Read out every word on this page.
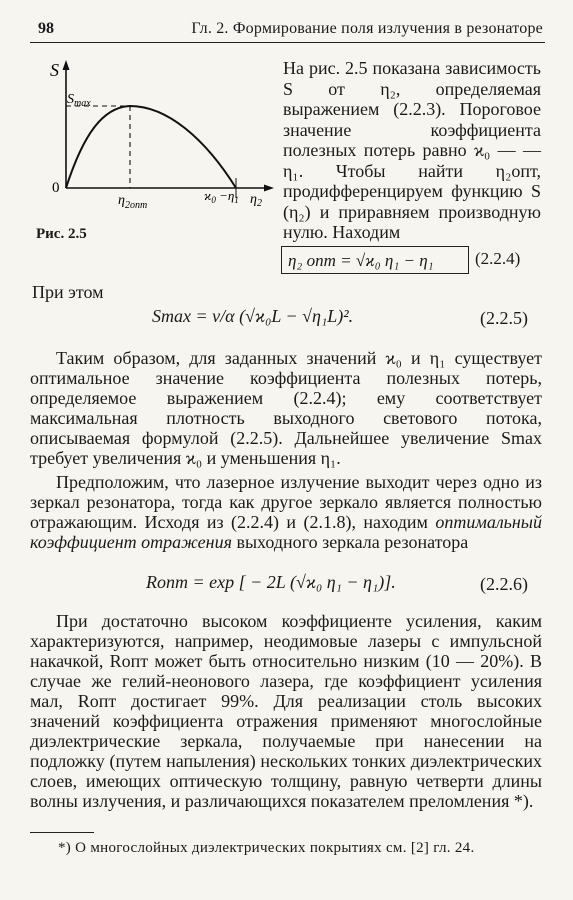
98	Гл. 2. Формирование поля излучения в резонаторе
S
$S_{max}$
0
$\eta_{2опт}$
$ϰ_0 -\eta_1$ $\eta_2$
Рис. 2.5
На рис. 2.5 показана зависимость S от η₂, определяемая выражением (2.2.3). Пороговое значение коэффициента полезных потерь равно ϰ₀ — —η₁. Чтобы найти η₂опт, продифференцируем функцию S (η₂) и приравняем производную нулю. Находим
η₂ опт = √ϰ₀ η₁ − η₁	(2.2.4)
При этом
Smax = v/α (√ϰ₀L − √η₁L)².	(2.2.5)
Таким образом, для заданных значений ϰ₀ и η₁ существует оптимальное значение коэффициента полезных потерь, определяемое выражением (2.2.4); ему соответствует максимальная плотность выходного светового потока, описываемая формулой (2.2.5). Дальнейшее увеличение Smax требует увеличения ϰ₀ и уменьшения η₁.
Предположим, что лазерное излучение выходит через одно из зеркал резонатора, тогда как другое зеркало является полностью отражающим. Исходя из (2.2.4) и (2.1.8), находим оптимальный коэффициент отражения выходного зеркала резонатора
Rопт = exp [ − 2L (√ϰ₀ η₁ − η₁)].	(2.2.6)
При достаточно высоком коэффициенте усиления, каким характеризуются, например, неодимовые лазеры с импульсной накачкой, Rопт может быть относительно низким (10 — 20%). В случае же гелий-неонового лазера, где коэффициент усиления мал, Rопт достигает 99%. Для реализации столь высоких значений коэффициента отражения применяют многослойные диэлектрические зеркала, получаемые при нанесении на подложку (путем напыления) нескольких тонких диэлектрических слоев, имеющих оптическую толщину, равную четверти длины волны излучения, и различающихся показателем преломления *).
*) О многослойных диэлектрических покрытиях см. [2] гл. 24.
